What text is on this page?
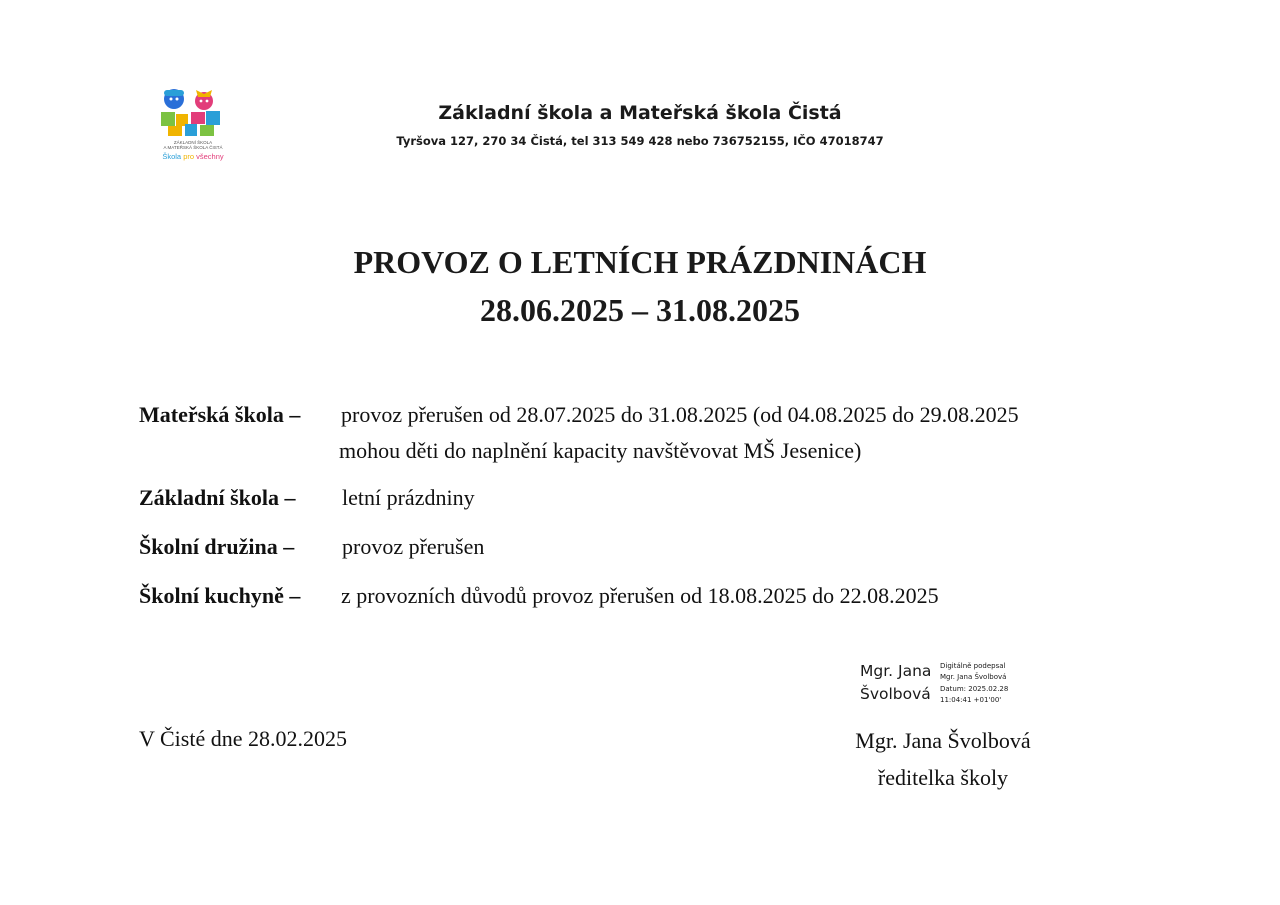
ZÁKLADNÍ ŠKOLA
A MATEŘSKÁ ŠKOLA ČISTÁ
Škola pro všechny
Základní škola a Mateřská škola Čistá
Tyršova 127, 270 34 Čistá, tel 313 549 428 nebo 736752155, IČO 47018747
PROVOZ O LETNÍCH PRÁZDNINÁCH
28.06.2025 – 31.08.2025
Mateřská škola – provoz přerušen od 28.07.2025 do 31.08.2025 (od 04.08.2025 do 29.08.2025
mohou děti do naplnění kapacity navštěvovat MŠ Jesenice)
Základní škola – letní prázdniny
Školní družina – provoz přerušen
Školní kuchyně – z provozních důvodů provoz přerušen od 18.08.2025 do 22.08.2025
Mgr. Jana
Švolbová
Digitálně podepsal
Mgr. Jana Švolbová
Datum: 2025.02.28
11:04:41 +01'00'
V Čisté dne 28.02.2025	Mgr. Jana Švolbová
ředitelka školy
